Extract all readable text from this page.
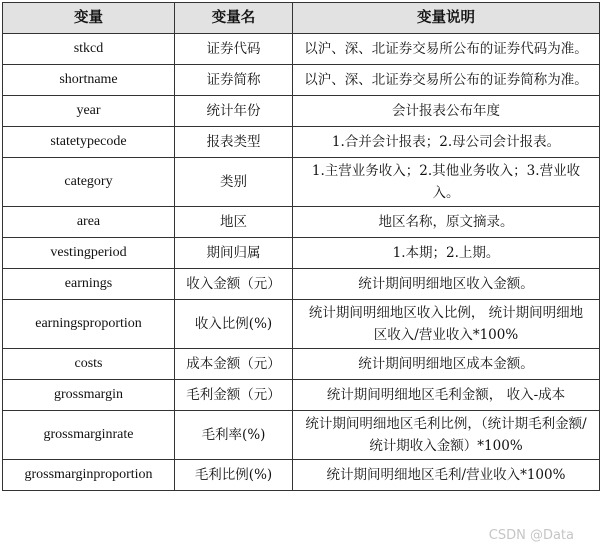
变量	变量名	变量说明
stkcd	证券代码	以沪、深、北证券交易所公布的证券代码为准。
shortname	证券简称	以沪、深、北证券交易所公布的证券简称为准。
year	统计年份	会计报表公布年度
statetypecode	报表类型	1.合并会计报表；2.母公司会计报表。
category	类别	1.主营业务收入；2.其他业务收入；3.营业收入。
area	地区	地区名称，原文摘录。
vestingperiod	期间归属	1.本期；2.上期。
earnings	收入金额（元）	统计期间明细地区收入金额。
earningsproportion	收入比例(%)	统计期间明细地区收入比例， 统计期间明细地区收入/营业收入*100%
costs	成本金额（元）	统计期间明细地区成本金额。
grossmargin	毛利金额（元）	统计期间明细地区毛利金额， 收入-成本
grossmarginrate	毛利率(%)	统计期间明细地区毛利比例，（统计期毛利金额/统计期收入金额）*100%
grossmarginproportion	毛利比例(%)	统计期间明细地区毛利/营业收入*100%
CSDN @Data
